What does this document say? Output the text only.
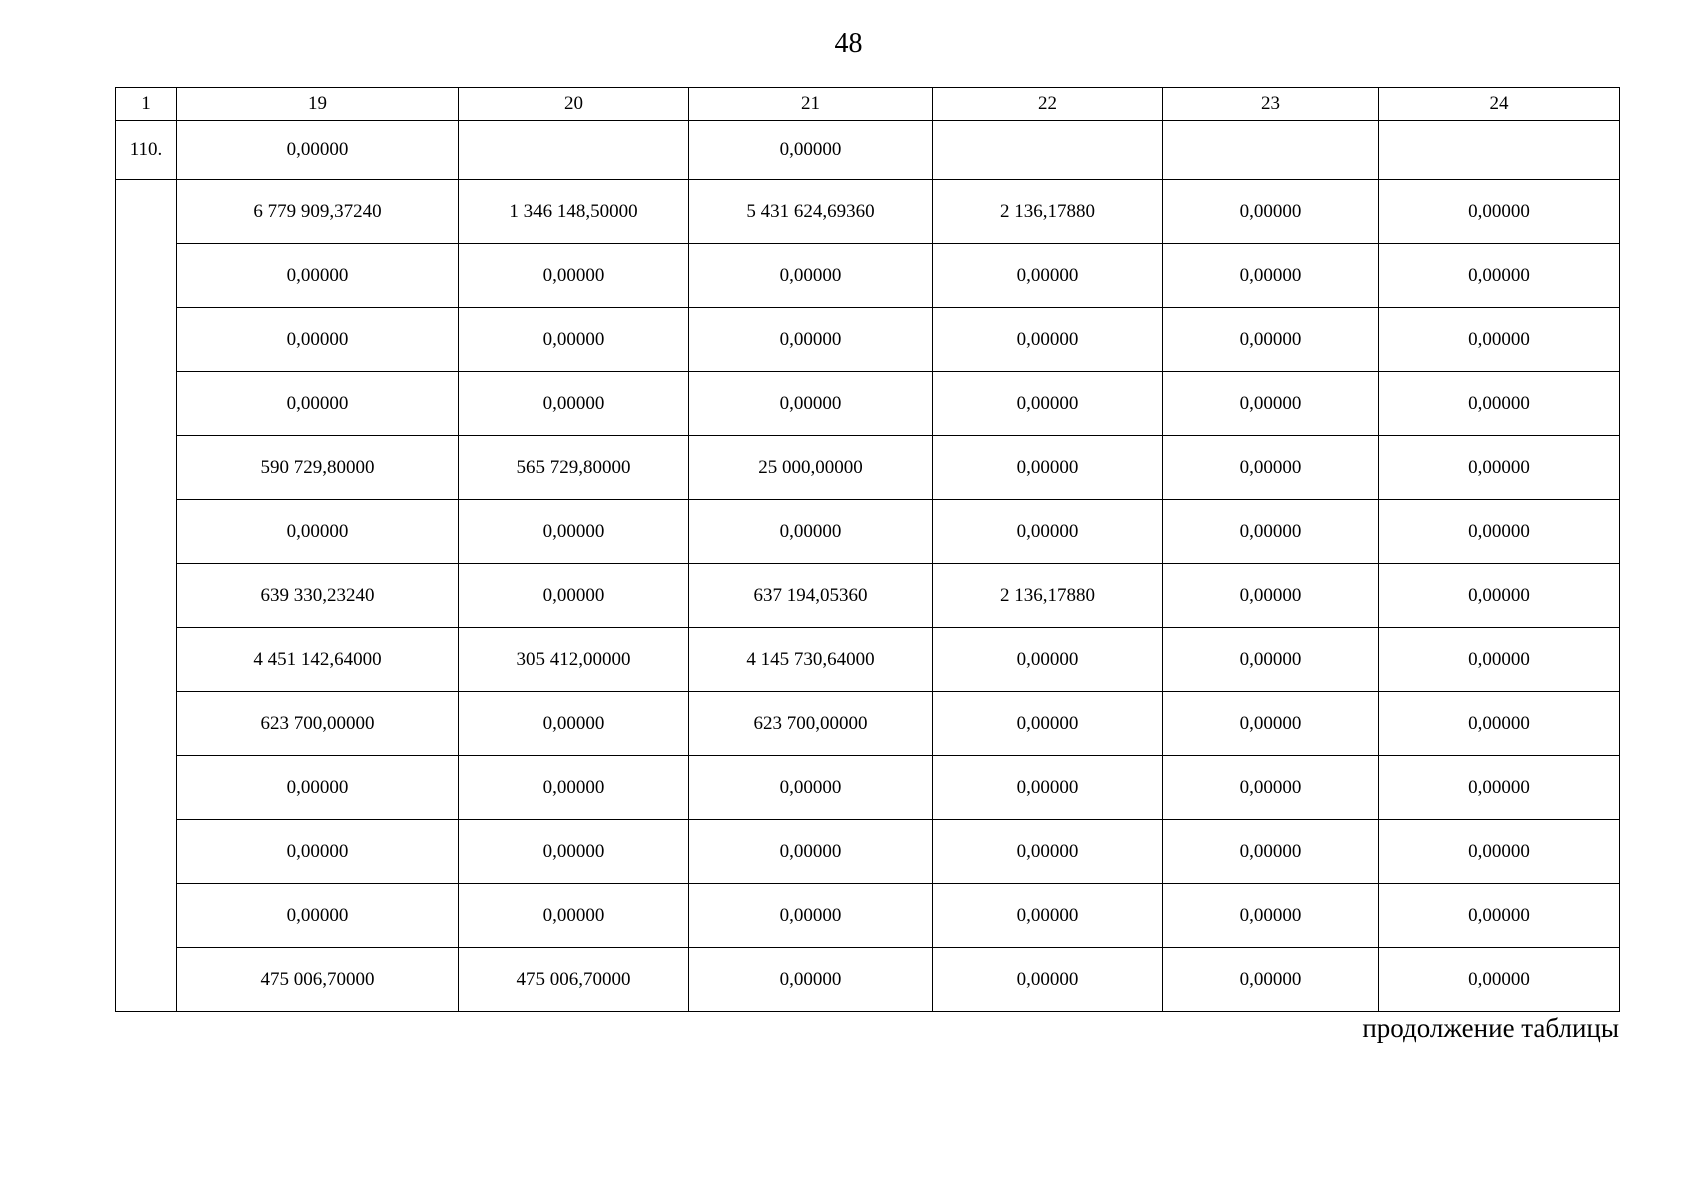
48
1	19	20	21	22	23	24
110.	0,00000		0,00000			
	6 779 909,37240	1 346 148,50000	5 431 624,69360	2 136,17880	0,00000	0,00000
	0,00000	0,00000	0,00000	0,00000	0,00000	0,00000
	0,00000	0,00000	0,00000	0,00000	0,00000	0,00000
	0,00000	0,00000	0,00000	0,00000	0,00000	0,00000
	590 729,80000	565 729,80000	25 000,00000	0,00000	0,00000	0,00000
	0,00000	0,00000	0,00000	0,00000	0,00000	0,00000
	639 330,23240	0,00000	637 194,05360	2 136,17880	0,00000	0,00000
	4 451 142,64000	305 412,00000	4 145 730,64000	0,00000	0,00000	0,00000
	623 700,00000	0,00000	623 700,00000	0,00000	0,00000	0,00000
	0,00000	0,00000	0,00000	0,00000	0,00000	0,00000
	0,00000	0,00000	0,00000	0,00000	0,00000	0,00000
	0,00000	0,00000	0,00000	0,00000	0,00000	0,00000
	475 006,70000	475 006,70000	0,00000	0,00000	0,00000	0,00000
продолжение таблицы
